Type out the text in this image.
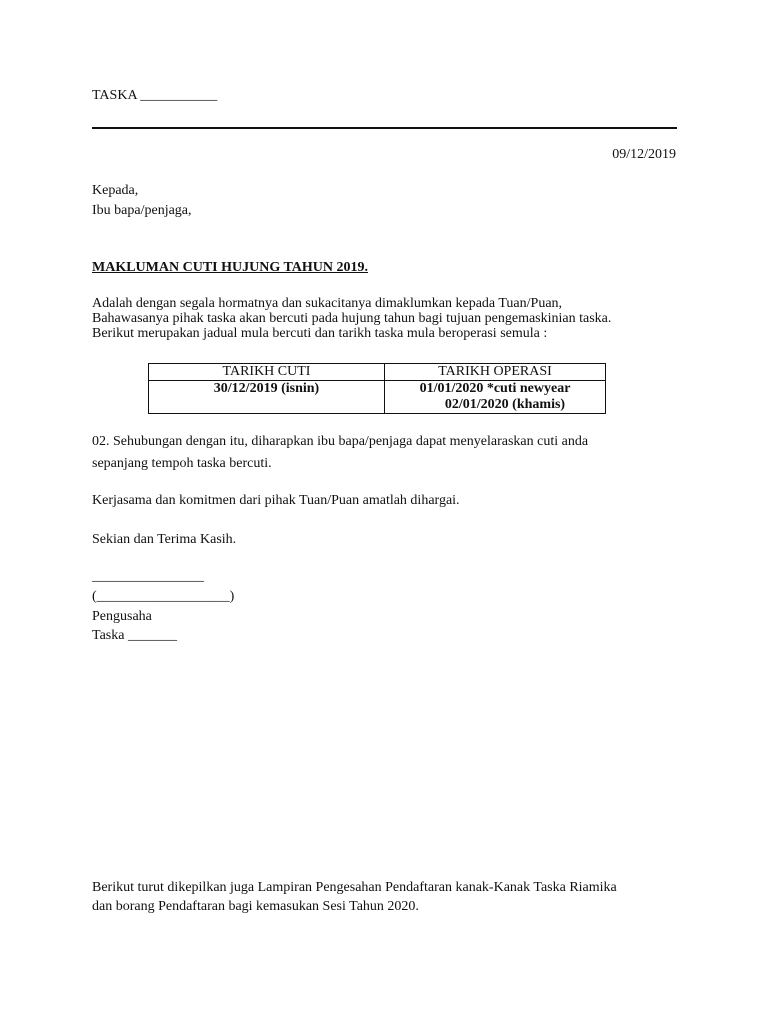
TASKA ___________
09/12/2019
Kepada,
Ibu bapa/penjaga,
MAKLUMAN CUTI HUJUNG TAHUN 2019.
Adalah dengan segala hormatnya dan sukacitanya dimaklumkan kepada Tuan/Puan,
Bahawasanya pihak taska akan bercuti pada hujung tahun bagi tujuan pengemaskinian taska.
Berikut merupakan jadual mula bercuti dan tarikh taska mula beroperasi semula :
TARIKH CUTI	TARIKH OPERASI
30/12/2019 (isnin)	01/01/2020 *cuti newyear
02/01/2020 (khamis)
02. Sehubungan dengan itu, diharapkan ibu bapa/penjaga dapat menyelaraskan cuti anda
sepanjang tempoh taska bercuti.
Kerjasama dan komitmen dari pihak Tuan/Puan amatlah dihargai.
Sekian dan Terima Kasih.
________________
(___________________)
Pengusaha
Taska _______
Berikut turut dikepilkan juga Lampiran Pengesahan Pendaftaran kanak-Kanak Taska Riamika
dan borang Pendaftaran bagi kemasukan Sesi Tahun 2020.
